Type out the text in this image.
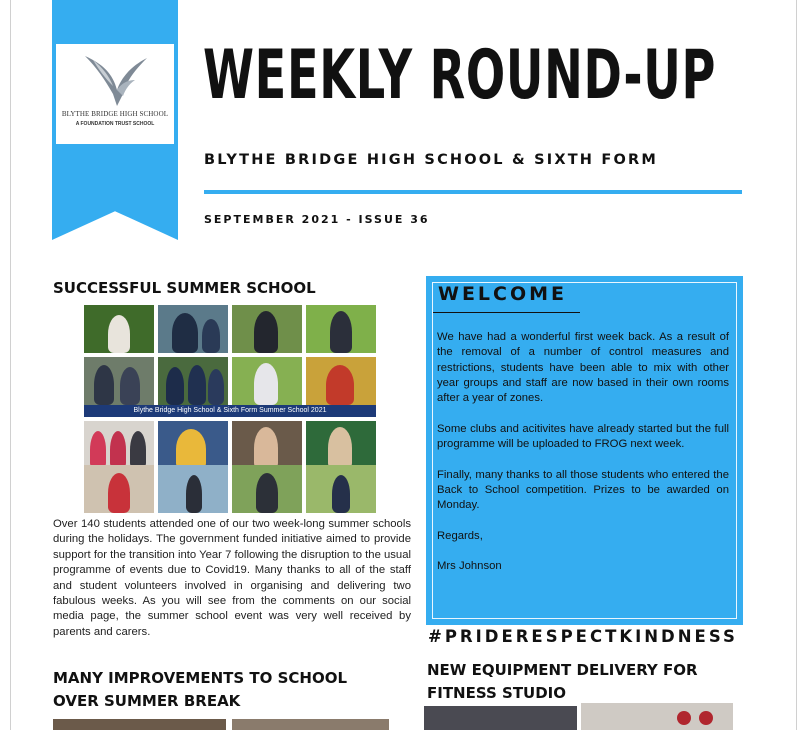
BLYTHE BRIDGE HIGH SCHOOL
A FOUNDATION TRUST SCHOOL
WEEKLY ROUND-UP
BLYTHE BRIDGE HIGH SCHOOL & SIXTH FORM
SEPTEMBER 2021 - ISSUE 36
SUCCESSFUL SUMMER SCHOOL
Blythe Bridge High School & Sixth Form Summer School 2021
Over 140 students attended one of our two week-long summer schools during the holidays. The government funded initiative aimed to provide support for the transition into Year 7 following the disruption to the usual programme of events due to Covid19. Many thanks to all of the staff and student volunteers involved in organising and delivering two fabulous weeks. As you will see from the comments on our social media page, the summer school event was very well received by parents and carers.
MANY IMPROVEMENTS TO SCHOOL OVER SUMMER BREAK
WELCOME

We have had a wonderful first week back. As a result of the removal of a number of control measures and restrictions, students have been able to mix with other year groups and staff are now based in their own rooms after a year of zones.

Some clubs and acitivites have already started but the full programme will be uploaded to FROG next week.

Finally, many thanks to all those students who entered the Back to School competition. Prizes to be awarded on Monday.

Regards,

Mrs Johnson

#PRIDERESPECTKINDNESS
NEW EQUIPMENT DELIVERY FOR FITNESS STUDIO
